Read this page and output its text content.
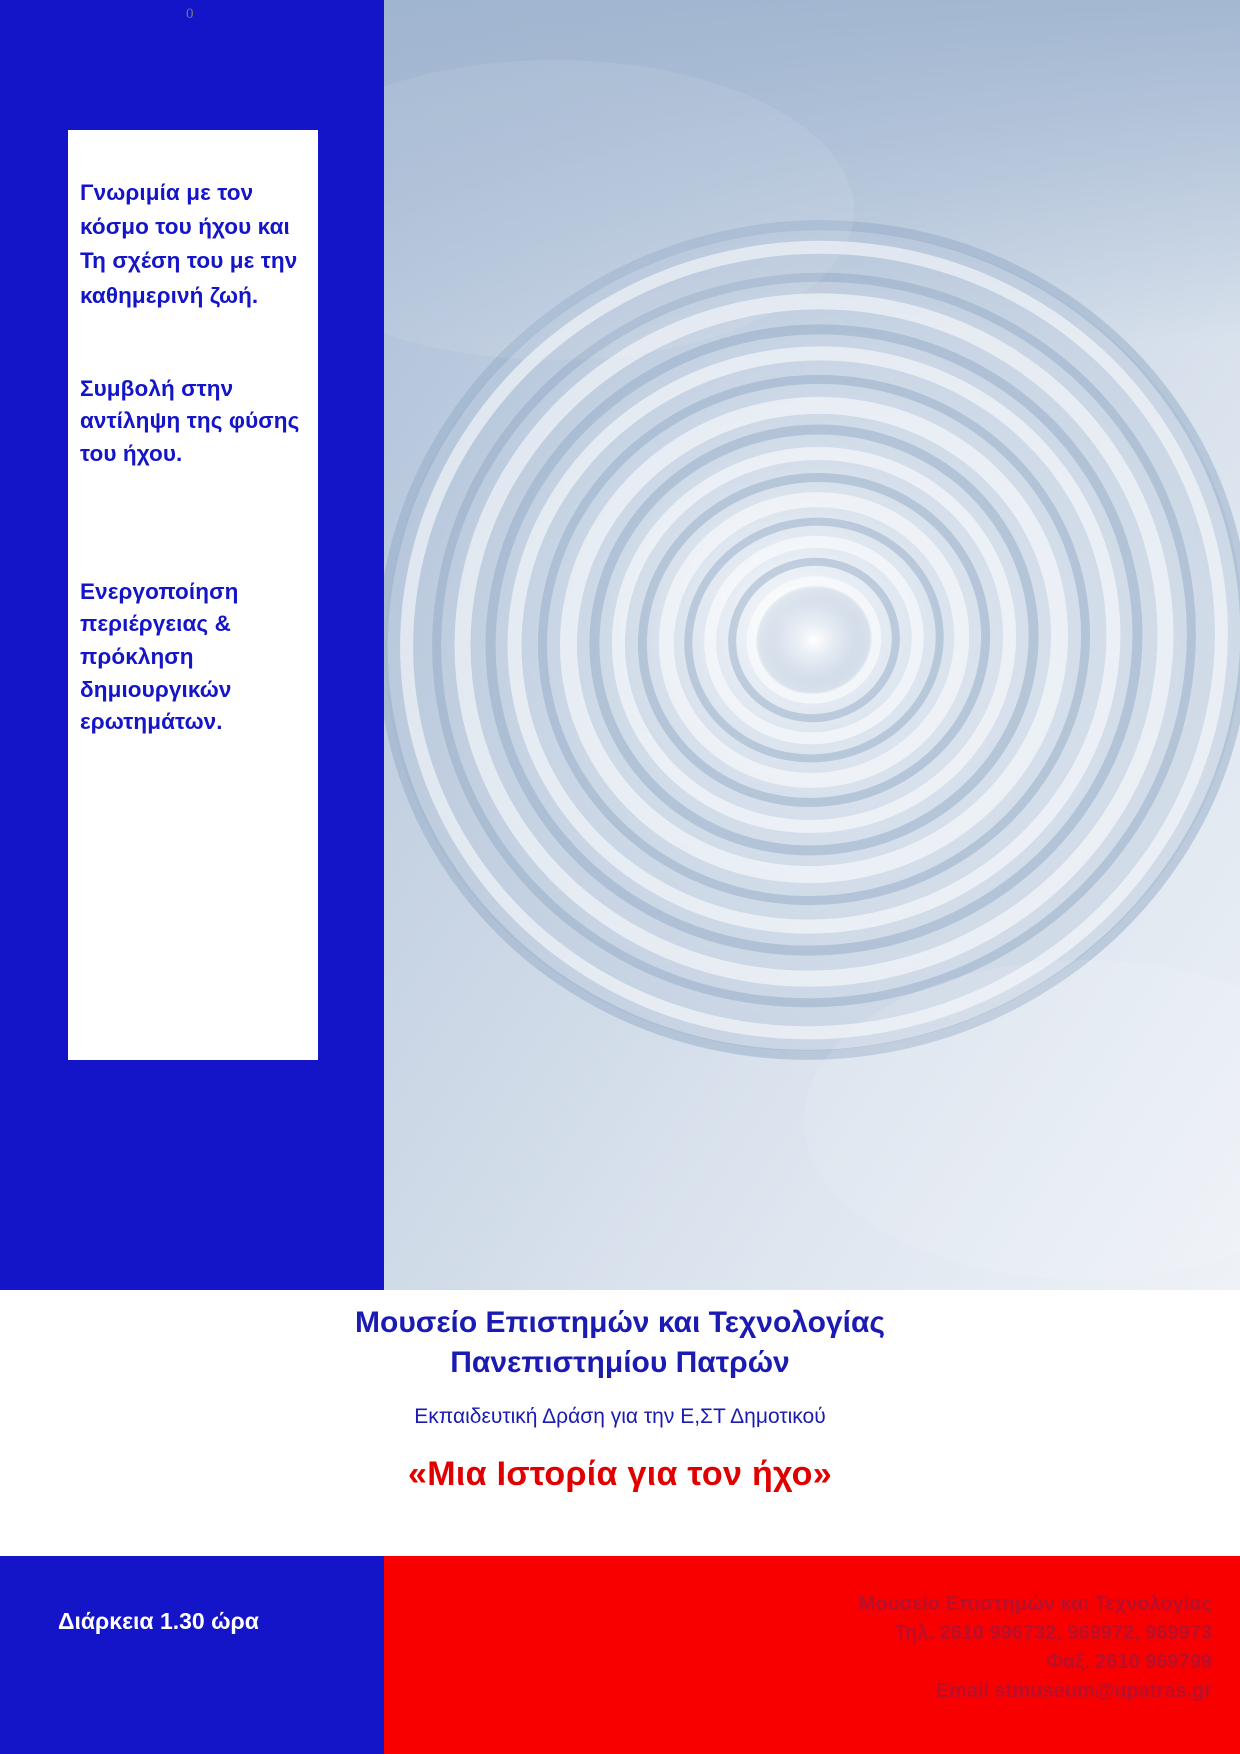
0

Γνωριμία με τον κόσμο του ήχου και Τη σχέση του με την καθημερινή ζωή.

Συμβολή στην αντίληψη της φύσης του ήχου.

Ενεργοποίηση περιέργειας & πρόκληση δημιουργικών ερωτημάτων.

Μουσείο Επιστημών και Τεχνολογίας

Πανεπιστημίου Πατρών

Εκπαιδευτική Δράση για την Ε,ΣΤ Δημοτικού

«Μια Ιστορία για τον ήχο»

Διάρκεια 1.30 ώρα
Μουσείο Επιστημών και Τεχνολογίας
Τηλ. 2610 996732, 969972, 969973
Φαξ. 2610 969799
Email stmuseum@upatras.gr
